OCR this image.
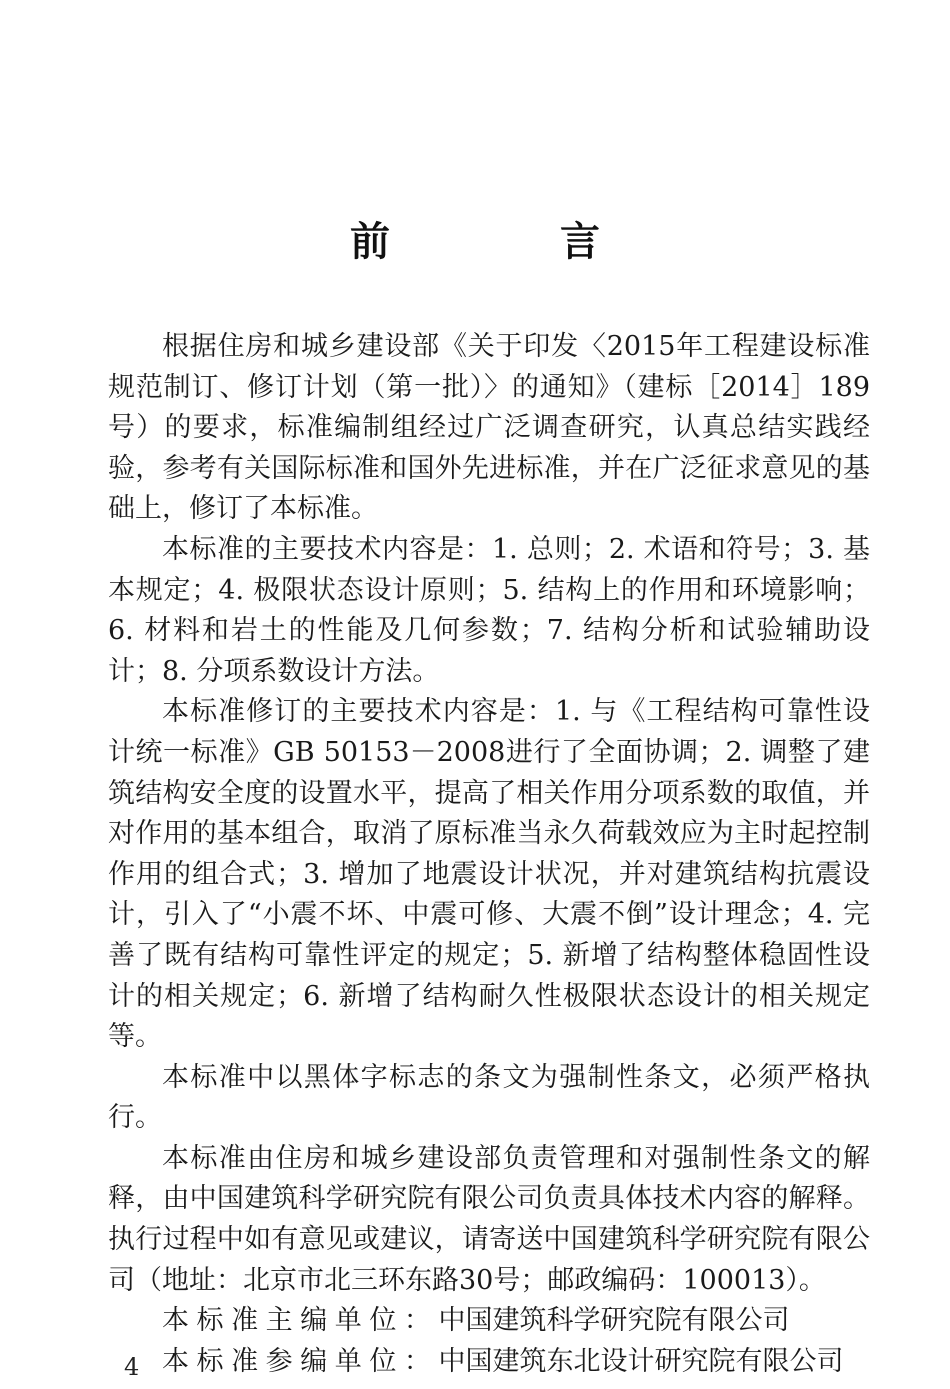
前 言

根据住房和城乡建设部《关于印发〈2015年工程建设标准规范制订、修订计划（第一批）〉的通知》（建标［2014］189号）的要求，标准编制组经过广泛调查研究，认真总结实践经验，参考有关国际标准和国外先进标准，并在广泛征求意见的基础上，修订了本标准。

本标准的主要技术内容是：1. 总则；2. 术语和符号；3. 基本规定；4. 极限状态设计原则；5. 结构上的作用和环境影响；6. 材料和岩土的性能及几何参数；7. 结构分析和试验辅助设计；8. 分项系数设计方法。

本标准修订的主要技术内容是：1. 与《工程结构可靠性设计统一标准》GB 50153－2008进行了全面协调；2. 调整了建筑结构安全度的设置水平，提高了相关作用分项系数的取值，并对作用的基本组合，取消了原标准当永久荷载效应为主时起控制作用的组合式；3. 增加了地震设计状况，并对建筑结构抗震设计，引入了“小震不坏、中震可修、大震不倒”设计理念；4. 完善了既有结构可靠性评定的规定；5. 新增了结构整体稳固性设计的相关规定；6. 新增了结构耐久性极限状态设计的相关规定等。

本标准中以黑体字标志的条文为强制性条文，必须严格执行。

本标准由住房和城乡建设部负责管理和对强制性条文的解释，由中国建筑科学研究院有限公司负责具体技术内容的解释。执行过程中如有意见或建议，请寄送中国建筑科学研究院有限公司（地址：北京市北三环东路30号；邮政编码：100013）。

本标准主编单位：中国建筑科学研究院有限公司

本标准参编单位：中国建筑东北设计研究院有限公司

4
